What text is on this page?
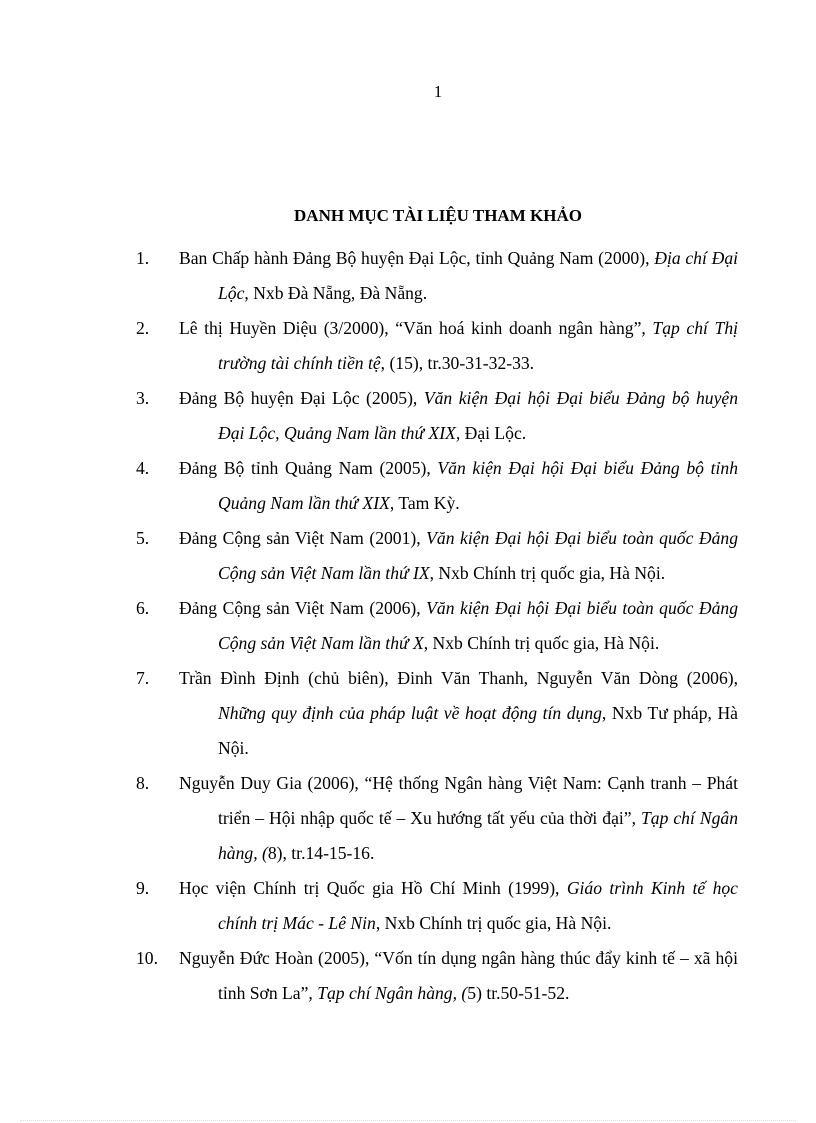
1
DANH MỤC TÀI LIỆU THAM KHẢO
1.	Ban Chấp hành Đảng Bộ huyện Đại Lộc, tỉnh Quảng Nam (2000), Địa chí Đại Lộc, Nxb Đà Nẵng, Đà Nẵng.
2.	Lê thị Huyền Diệu (3/2000), “Văn hoá kinh doanh ngân hàng”, Tạp chí Thị trường tài chính tiền tệ, (15), tr.30-31-32-33.
3.	Đảng Bộ huyện Đại Lộc (2005), Văn kiện Đại hội Đại biểu Đảng bộ huyện Đại Lộc, Quảng Nam lần thứ XIX, Đại Lộc.
4.	Đảng Bộ tỉnh Quảng Nam (2005), Văn kiện Đại hội Đại biểu Đảng bộ tỉnh Quảng Nam lần thứ XIX, Tam Kỳ.
5.	Đảng Cộng sản Việt Nam (2001), Văn kiện Đại hội Đại biểu toàn quốc Đảng Cộng sản Việt Nam lần thứ IX, Nxb Chính trị quốc gia, Hà Nội.
6.	Đảng Cộng sản Việt Nam (2006), Văn kiện Đại hội Đại biểu toàn quốc Đảng Cộng sản Việt Nam lần thứ X, Nxb Chính trị quốc gia, Hà Nội.
7.	Trần Đình Định (chủ biên), Đinh Văn Thanh, Nguyễn Văn Dòng (2006), Những quy định của pháp luật về hoạt động tín dụng, Nxb Tư pháp, Hà Nội.
8.	Nguyễn Duy Gia (2006), “Hệ thống Ngân hàng Việt Nam: Cạnh tranh – Phát triển – Hội nhập quốc tế – Xu hướng tất yếu của thời đại”, Tạp chí Ngân hàng, (8), tr.14-15-16.
9.	Học viện Chính trị Quốc gia Hồ Chí Minh (1999), Giáo trình Kinh tế học chính trị Mác - Lê Nin, Nxb Chính trị quốc gia, Hà Nội.
10.	Nguyễn Đức Hoàn (2005), “Vốn tín dụng ngân hàng thúc đẩy kinh tế – xã hội tỉnh Sơn La”, Tạp chí Ngân hàng, (5) tr.50-51-52.
